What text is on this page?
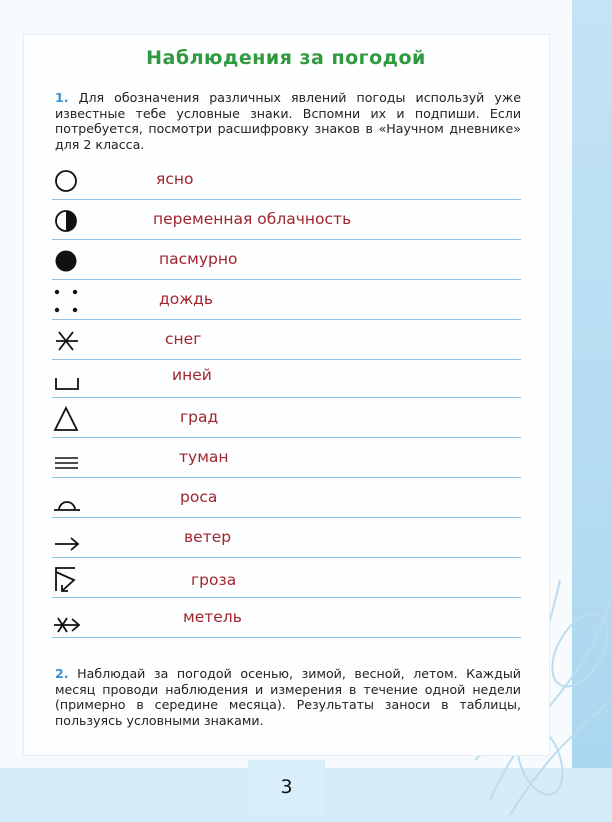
Наблюдения за погодой

1. Для обозначения различных явлений погоды используй уже известные тебе условные знаки. Вспомни их и подпиши. Если потребуется, посмотри расшифровку знаков в «Научном дневнике» для 2 класса.

ясно
переменная облачность
пасмурно
дождь
снег
иней
град
туман
роса
ветер
гроза
метель

2. Наблюдай за погодой осенью, зимой, весной, летом. Каждый месяц проводи наблюдения и измерения в течение одной недели (примерно в середине месяца). Результаты заноси в таблицы, пользуясь условными знаками.

3
